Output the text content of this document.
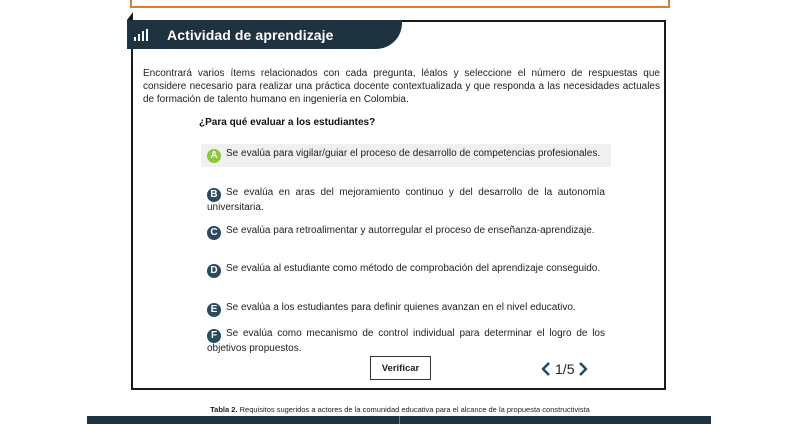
Actividad de aprendizaje
Encontrará varios ítems relacionados con cada pregunta, léalos y seleccione el número de respuestas que considere necesario para realizar una práctica docente contextualizada y que responda a las necesidades actuales de formación de talento humano en ingeniería en Colombia.
¿Para qué evaluar a los estudiantes?
A Se evalúa para vigilar/guiar el proceso de desarrollo de competencias profesionales.
B Se evalúa en aras del mejoramiento continuo y del desarrollo de la autonomía universitaria.
C Se evalúa para retroalimentar y autorregular el proceso de enseñanza-aprendizaje.
D Se evalúa al estudiante como método de comprobación del aprendizaje conseguido.
E Se evalúa a los estudiantes para definir quienes avanzan en el nivel educativo.
F Se evalúa como mecanismo de control individual para determinar el logro de los objetivos propuestos.
Verificar	1/5
Tabla 2. Requisitos sugeridos a actores de la comunidad educativa para el alcance de la propuesta constructivista
